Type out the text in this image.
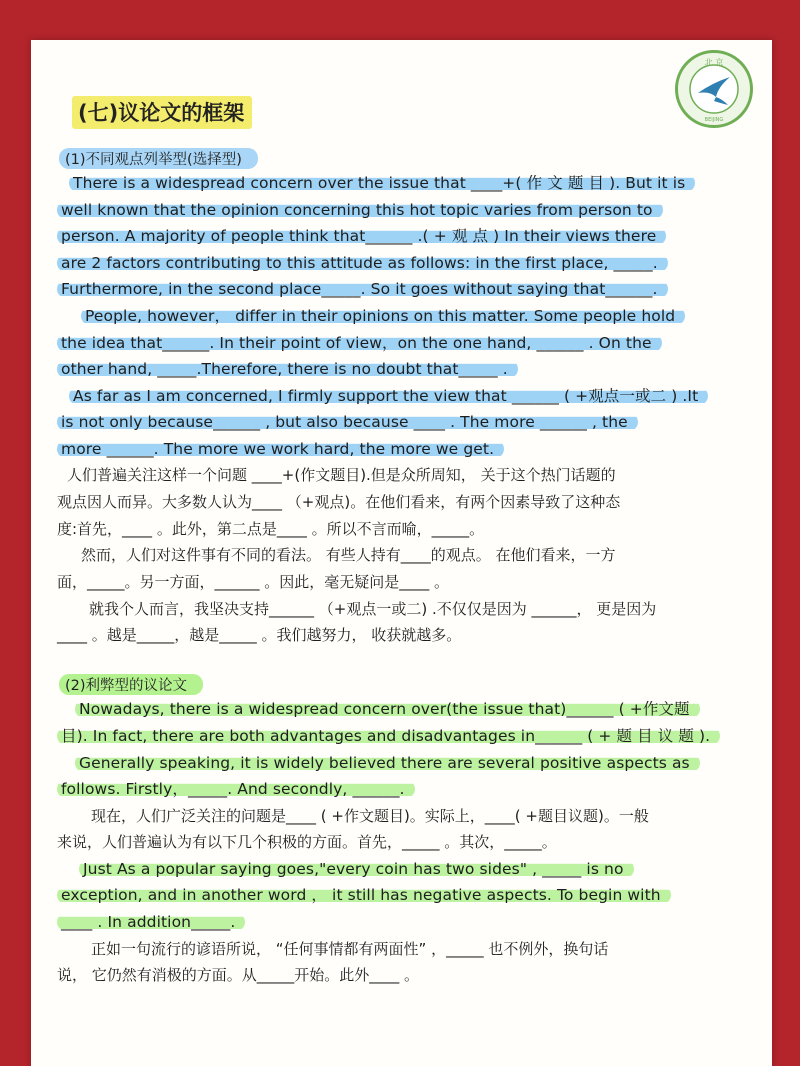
北 京
BEIJING
(七)议论文的框架
(1)不同观点列举型(选择型)
There is a widespread concern over the issue that ____+( 作 文 题 目 ). But it is
well known that the opinion concerning this hot topic varies from person to
person. A majority of people think that______ .( + 观 点 ) In their views there
are 2 factors contributing to this attitude as follows: in the first place, _____.
Furthermore, in the second place_____. So it goes without saying that______.
People, however， differ in their opinions on this matter. Some people hold
the idea that______. In their point of view，on the one hand, ______ . On the
other hand, _____.Therefore, there is no doubt that_____ .
As far as I am concerned, I firmly support the view that ______ ( +观点一或二 ) .It
is not only because______ , but also because ____ . The more ______ , the
more ______. The more we work hard, the more we get.
人们普遍关注这样一个问题 ____+(作文题目).但是众所周知， 关于这个热门话题的
观点因人而异。大多数人认为____ （+观点)。在他们看来，有两个因素导致了这种态
度:首先，____ 。此外，第二点是____ 。所以不言而喻，_____。
然而，人们对这件事有不同的看法。 有些人持有____的观点。 在他们看来，一方
面，_____。另一方面，______ 。因此，毫无疑问是____ 。
就我个人而言，我坚决支持______ （+观点一或二) .不仅仅是因为 ______， 更是因为
____ 。越是_____，越是_____ 。我们越努力， 收获就越多。
(2)利弊型的议论文
Nowadays, there is a widespread concern over(the issue that)______ ( +作文题
目). In fact, there are both advantages and disadvantages in______ ( + 题 目 议 题 ).
Generally speaking, it is widely believed there are several positive aspects as
follows. Firstly，_____. And secondly, ______.
现在，人们广泛关注的问题是____ ( +作文题目)。实际上，____( +题目议题)。一般
来说，人们普遍认为有以下几个积极的方面。首先，_____ 。其次，_____。
Just As a popular saying goes,"every coin has two sides" , _____ is no
exception, and in another word ， it still has negative aspects. To begin with
____ . In addition_____.
正如一句流行的谚语所说， “任何事情都有两面性” ，_____ 也不例外，换句话
说， 它仍然有消极的方面。从_____开始。此外____ 。
